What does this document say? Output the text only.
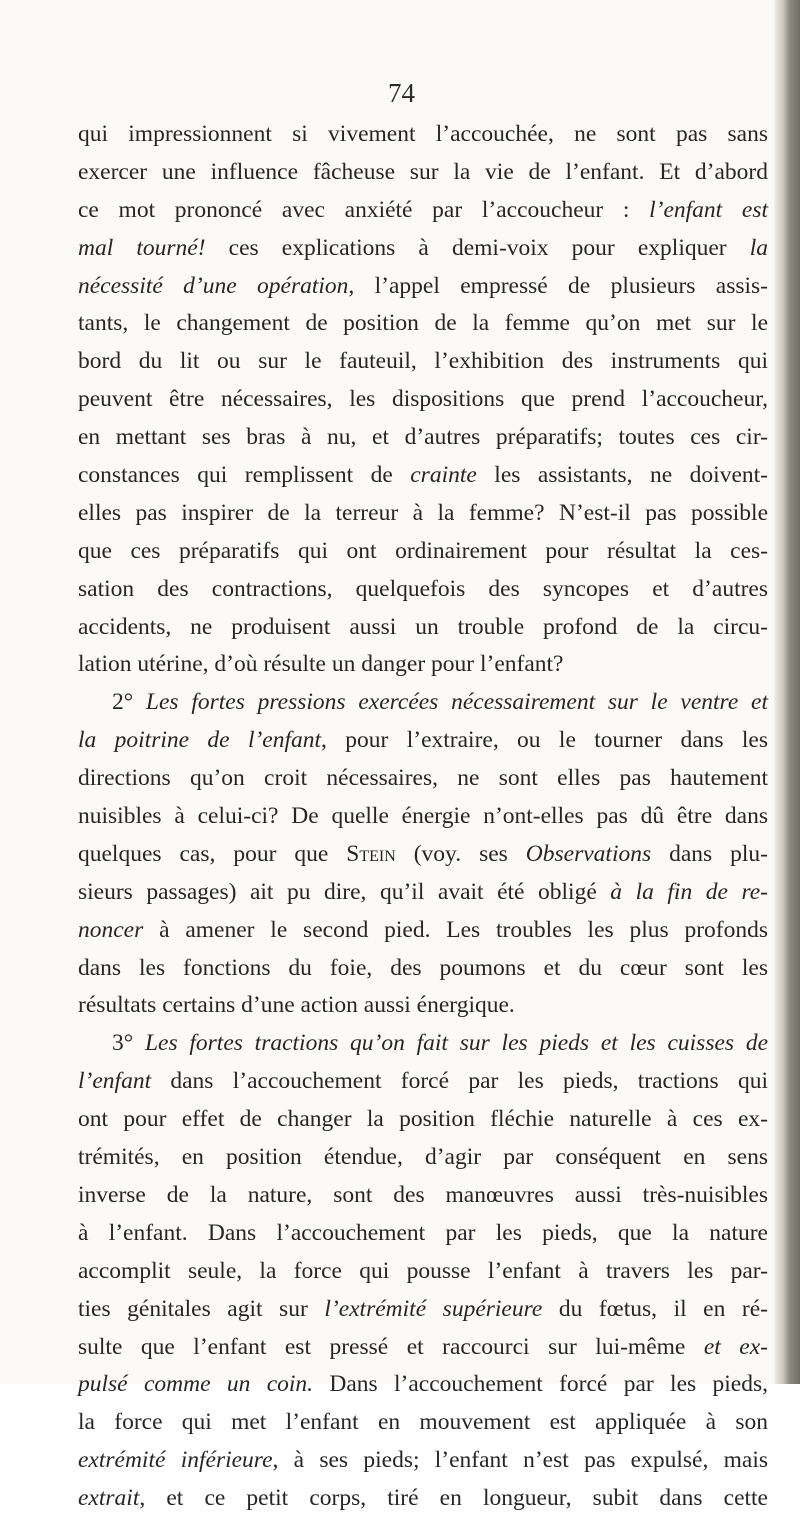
74
qui impressionnent si vivement l’accouchée, ne sont pas sans
exercer une influence fâcheuse sur la vie de l’enfant. Et d’abord
ce mot prononcé avec anxiété par l’accoucheur : l’enfant est
mal tourné! ces explications à demi-voix pour expliquer la
nécessité d’une opération, l’appel empressé de plusieurs assis-
tants, le changement de position de la femme qu’on met sur le
bord du lit ou sur le fauteuil, l’exhibition des instruments qui
peuvent être nécessaires, les dispositions que prend l’accoucheur,
en mettant ses bras à nu, et d’autres préparatifs; toutes ces cir-
constances qui remplissent de crainte les assistants, ne doivent-
elles pas inspirer de la terreur à la femme? N’est-il pas possible
que ces préparatifs qui ont ordinairement pour résultat la ces-
sation des contractions, quelquefois des syncopes et d’autres
accidents, ne produisent aussi un trouble profond de la circu-
lation utérine, d’où résulte un danger pour l’enfant?
2° Les fortes pressions exercées nécessairement sur le ventre et
la poitrine de l’enfant, pour l’extraire, ou le tourner dans les
directions qu’on croit nécessaires, ne sont elles pas hautement
nuisibles à celui-ci? De quelle énergie n’ont-elles pas dû être dans
quelques cas, pour que Stein (voy. ses Observations dans plu-
sieurs passages) ait pu dire, qu’il avait été obligé à la fin de re-
noncer à amener le second pied. Les troubles les plus profonds
dans les fonctions du foie, des poumons et du cœur sont les
résultats certains d’une action aussi énergique.
3° Les fortes tractions qu’on fait sur les pieds et les cuisses de
l’enfant dans l’accouchement forcé par les pieds, tractions qui
ont pour effet de changer la position fléchie naturelle à ces ex-
trémités, en position étendue, d’agir par conséquent en sens
inverse de la nature, sont des manœuvres aussi très-nuisibles
à l’enfant. Dans l’accouchement par les pieds, que la nature
accomplit seule, la force qui pousse l’enfant à travers les par-
ties génitales agit sur l’extrémité supérieure du fœtus, il en ré-
sulte que l’enfant est pressé et raccourci sur lui-même et ex-
pulsé comme un coin. Dans l’accouchement forcé par les pieds,
la force qui met l’enfant en mouvement est appliquée à son
extrémité inférieure, à ses pieds; l’enfant n’est pas expulsé, mais
extrait, et ce petit corps, tiré en longueur, subit dans cette
